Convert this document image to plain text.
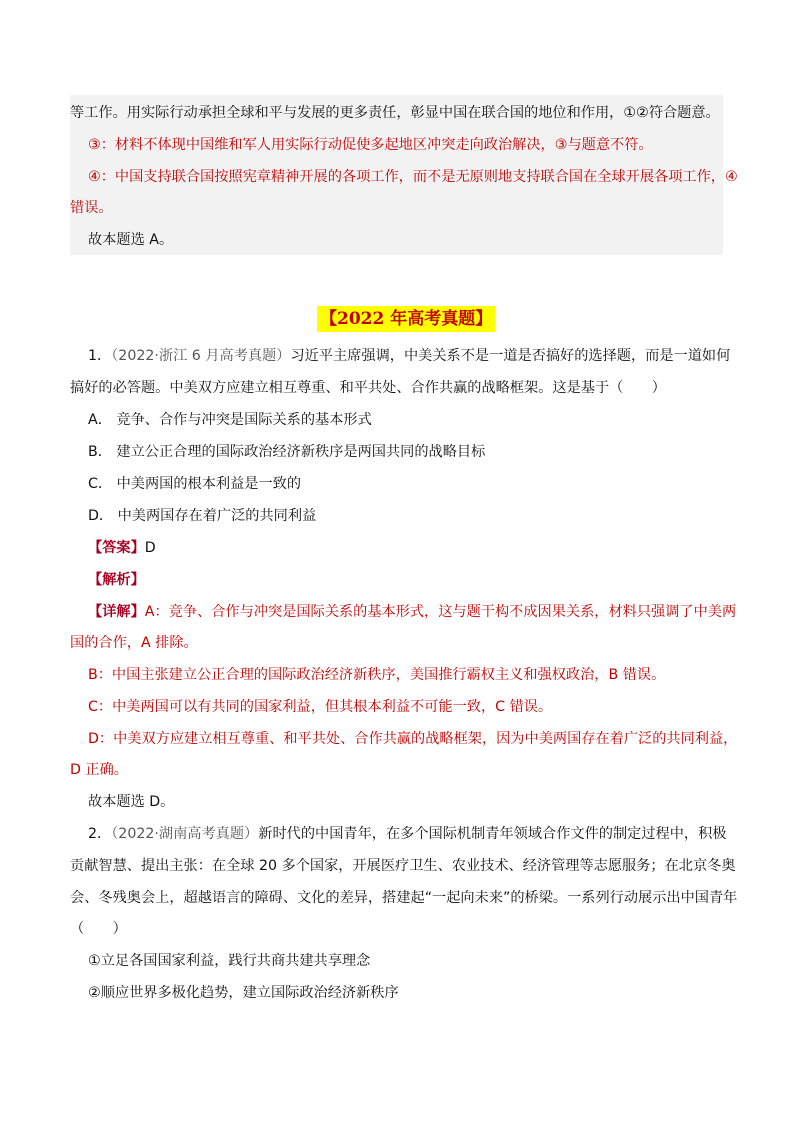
等工作。用实际行动承担全球和平与发展的更多责任，彰显中国在联合国的地位和作用，①②符合题意。
③：材料不体现中国维和军人用实际行动促使多起地区冲突走向政治解决，③与题意不符。
④：中国支持联合国按照宪章精神开展的各项工作，而不是无原则地支持联合国在全球开展各项工作，④
错误。
故本题选 A。
【2022 年高考真题】
1．（2022·浙江 6 月高考真题）习近平主席强调，中美关系不是一道是否搞好的选择题，而是一道如何
搞好的必答题。中美双方应建立相互尊重、和平共处、合作共赢的战略框架。这是基于（　　）
A． 竞争、合作与冲突是国际关系的基本形式
B． 建立公正合理的国际政治经济新秩序是两国共同的战略目标
C． 中美两国的根本利益是一致的
D． 中美两国存在着广泛的共同利益
【答案】D
【解析】
【详解】A：竞争、合作与冲突是国际关系的基本形式，这与题干构不成因果关系，材料只强调了中美两
国的合作，A 排除。
B：中国主张建立公正合理的国际政治经济新秩序，美国推行霸权主义和强权政治，B 错误。
C：中美两国可以有共同的国家利益，但其根本利益不可能一致，C 错误。
D：中美双方应建立相互尊重、和平共处、合作共赢的战略框架，因为中美两国存在着广泛的共同利益，
D 正确。
故本题选 D。
2．（2022·湖南高考真题）新时代的中国青年，在多个国际机制青年领域合作文件的制定过程中，积极
贡献智慧、提出主张：在全球 20 多个国家，开展医疗卫生、农业技术、经济管理等志愿服务；在北京冬奥
会、冬残奥会上，超越语言的障碍、文化的差异，搭建起“一起向未来”的桥梁。一系列行动展示出中国青年
（　　）
①立足各国国家利益，践行共商共建共享理念
②顺应世界多极化趋势，建立国际政治经济新秩序
